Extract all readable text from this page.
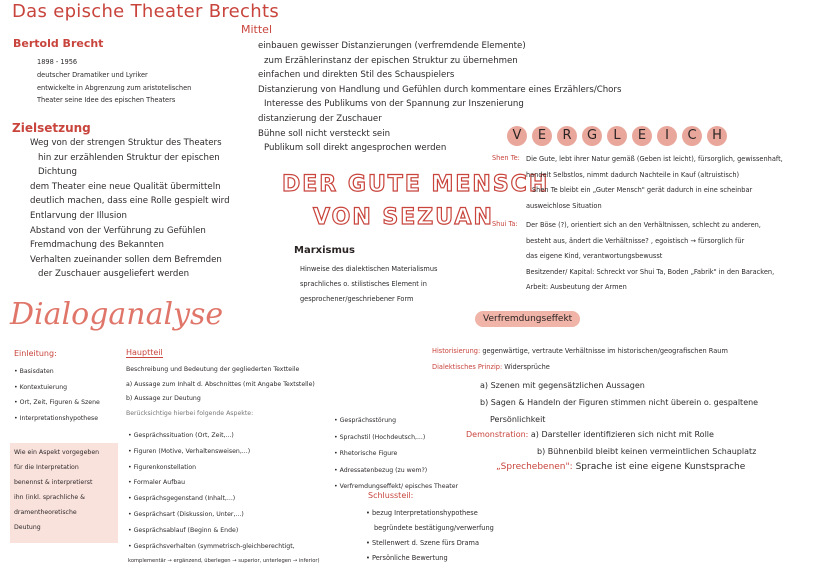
Das epische Theater Brechts
Mittel
Bertold Brecht
1898 - 1956
deutscher Dramatiker und Lyriker
entwickelte in Abgrenzung zum aristotelischen
Theater seine Idee des epischen Theaters
Zielsetzung
Weg von der strengen Struktur des Theaters
hin zur erzählenden Struktur der epischen
Dichtung
dem Theater eine neue Qualität übermitteln
deutlich machen, dass eine Rolle gespielt wird
Entlarvung der Illusion
Abstand von der Verführung zu Gefühlen
Fremdmachung des Bekannten
Verhalten zueinander sollen dem Befremden
der Zuschauer ausgeliefert werden
einbauen gewisser Distanzierungen (verfremdende Elemente)
zum Erzählerinstanz der epischen Struktur zu übernehmen
einfachen und direkten Stil des Schauspielers
Distanzierung von Handlung und Gefühlen durch kommentare eines Erzählers/Chors
Interesse des Publikums von der Spannung zur Inszenierung
distanzierung der Zuschauer
Bühne soll nicht versteckt sein
Publikum soll direkt angesprochen werden
DER GUTE MENSCH
VON SEZUAN
Marxismus
Hinweise des dialektischen Materialismus
sprachliches o. stilistisches Element in
gesprochener/geschriebener Form
V E R G L E I C H
Shen Te: Die Gute, lebt ihrer Natur gemäß (Geben ist leicht), fürsorglich, gewissenhaft,
handelt Selbstlos, nimmt dadurch Nachteile in Kauf (altruistisch)
Shen Te bleibt ein „Guter Mensch" gerät dadurch in eine scheinbar
ausweichlose Situation
Shui Ta: Der Böse (?), orientiert sich an den Verhältnissen, schlecht zu anderen,
besteht aus, ändert die Verhältnisse? , egoistisch → fürsorglich für
das eigene Kind, verantwortungsbewusst
Besitzender/ Kapital: Schreckt vor Shui Ta, Boden „Fabrik" in den Baracken,
Arbeit: Ausbeutung der Armen
Dialoganalyse	Verfremdungseffekt
Einleitung:
• Basisdaten
• Kontextuierung
• Ort, Zeit, Figuren & Szene
• Interpretationshypothese
Wie ein Aspekt vorgegeben
für die Interpretation
benennst & interpretierst
ihn (inkl. sprachliche &
dramentheoretische
Deutung
Hauptteil
Beschreibung und Bedeutung der gegliederten Textteile
a) Aussage zum Inhalt d. Abschnittes (mit Angabe Textstelle)
b) Aussage zur Deutung
Berücksichtige hierbei folgende Aspekte:
• Gesprächssituation (Ort, Zeit,...)
• Figuren (Motive, Verhaltensweisen,...)
• Figurenkonstellation
• Formaler Aufbau
• Gesprächsgegenstand (Inhalt,...)
• Gesprächsart (Diskussion, Unter,...)
• Gesprächsablauf (Beginn & Ende)
• Gesprächsverhalten (symmetrisch-gleichberechtigt,
komplementär → ergänzend, überlegen → superior, unterlegen → inferior)
• Gesprächsstörung
• Sprachstil (Hochdeutsch,...)
• Rhetorische Figure
• Adressatenbezug (zu wem?)
• Verfremdungseffekt/ episches Theater
Schlussteil:
• bezug Interpretationshypothese
begründete bestätigung/verwerfung
• Stellenwert d. Szene fürs Drama
• Persönliche Bewertung
Historisierung: gegenwärtige, vertraute Verhältnisse im historischen/geografischen Raum
Dialektisches Prinzip: Widersprüche
a) Szenen mit gegensätzlichen Aussagen
b) Sagen & Handeln der Figuren stimmen nicht überein o. gespaltene
Persönlichkeit
Demonstration: a) Darsteller identifizieren sich nicht mit Rolle
b) Bühnenbild bleibt keinen vermeintlichen Schauplatz
„Sprechebenen": Sprache ist eine eigene Kunstsprache
